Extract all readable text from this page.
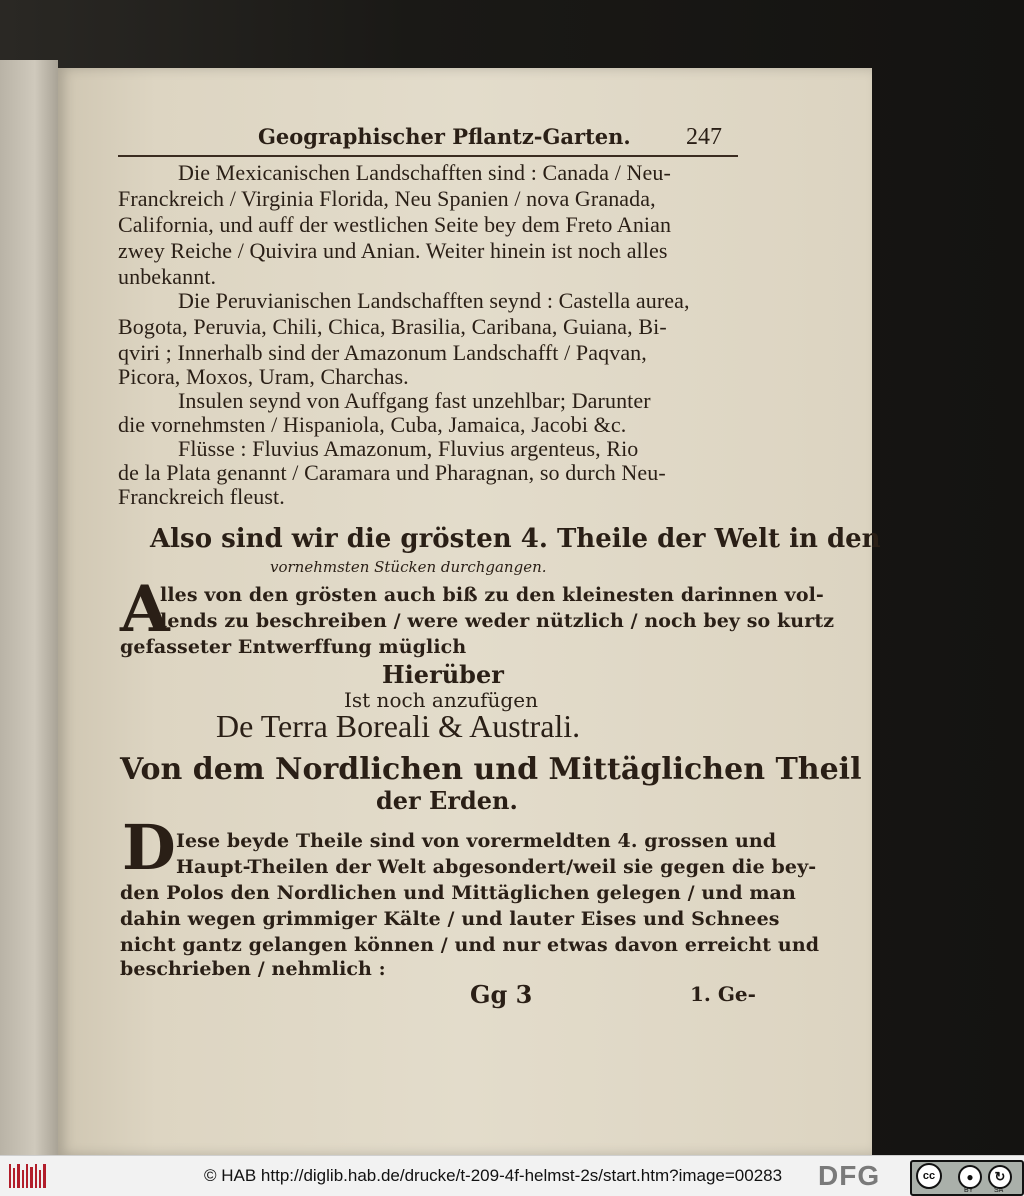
Geographischer Pflantz-Garten. 247
Die Mexicanischen Landschafften sind : Canada / Neu-
Franckreich / Virginia Florida, Neu Spanien / nova Granada,
California, und auff der westlichen Seite bey dem Freto Anian
zwey Reiche / Quivira und Anian. Weiter hinein ist noch alles
unbekannt.
Die Peruvianischen Landschafften seynd : Castella aurea,
Bogota, Peruvia, Chili, Chica, Brasilia, Caribana, Guiana, Bi-
qviri ; Innerhalb sind der Amazonum Landschafft / Paqvan,
Picora, Moxos, Uram, Charchas.
Insulen seynd von Auffgang fast unzehlbar; Darunter
die vornehmsten / Hispaniola, Cuba, Jamaica, Jacobi &c.
Flüsse : Fluvius Amazonum, Fluvius argenteus, Rio
de la Plata genannt / Caramara und Pharagnan, so durch Neu-
Franckreich fleust.
Also sind wir die grösten 4. Theile der Welt in den
vornehmsten Stücken durchgangen.
A
lles von den grösten auch biß zu den kleinesten darinnen vol-
lends zu beschreiben / were weder nützlich / noch bey so kurtz
gefasseter Entwerffung müglich
Hierüber
Ist noch anzufügen
De Terra Boreali & Australi.
Von dem Nordlichen und Mittäglichen Theil
der Erden.
D Iese beyde Theile sind von vorermeldten 4. grossen und
Haupt-Theilen der Welt abgesondert/weil sie gegen die bey-
den Polos den Nordlichen und Mittäglichen gelegen / und man
dahin wegen grimmiger Kälte / und lauter Eises und Schnees
nicht gantz gelangen können / und nur etwas davon erreicht und
beschrieben / nehmlich :
Gg 3	1. Ge-
© HAB http://diglib.hab.de/drucke/t-209-4f-helmst-2s/start.htm?image=00283 DFG	cc	●	↻
BY	SA
